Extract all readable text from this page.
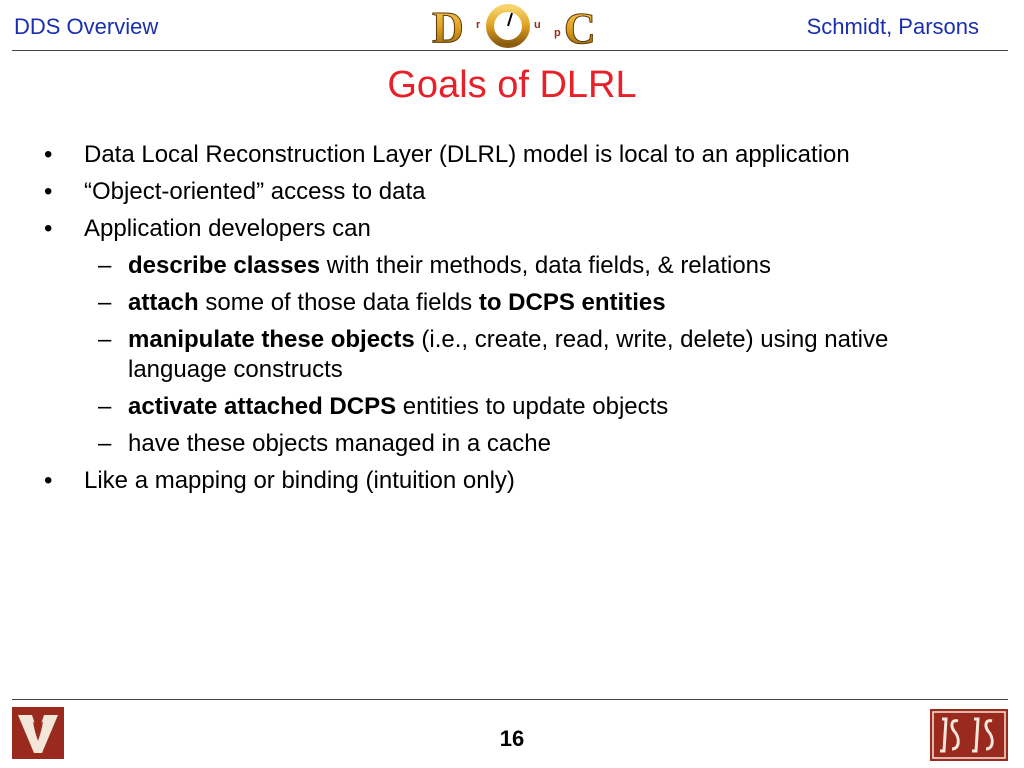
DDS Overview	D r	u
p C	Schmidt, Parsons
Goals of DLRL
• Data Local Reconstruction Layer (DLRL) model is local to an application
• “Object-oriented” access to data
• Application developers can
– describe classes with their methods, data fields, & relations
– attach some of those data fields to DCPS entities
– manipulate these objects (i.e., create, read, write, delete) using native language constructs
– activate attached DCPS entities to update objects
– have these objects managed in a cache
• Like a mapping or binding (intuition only)
16
